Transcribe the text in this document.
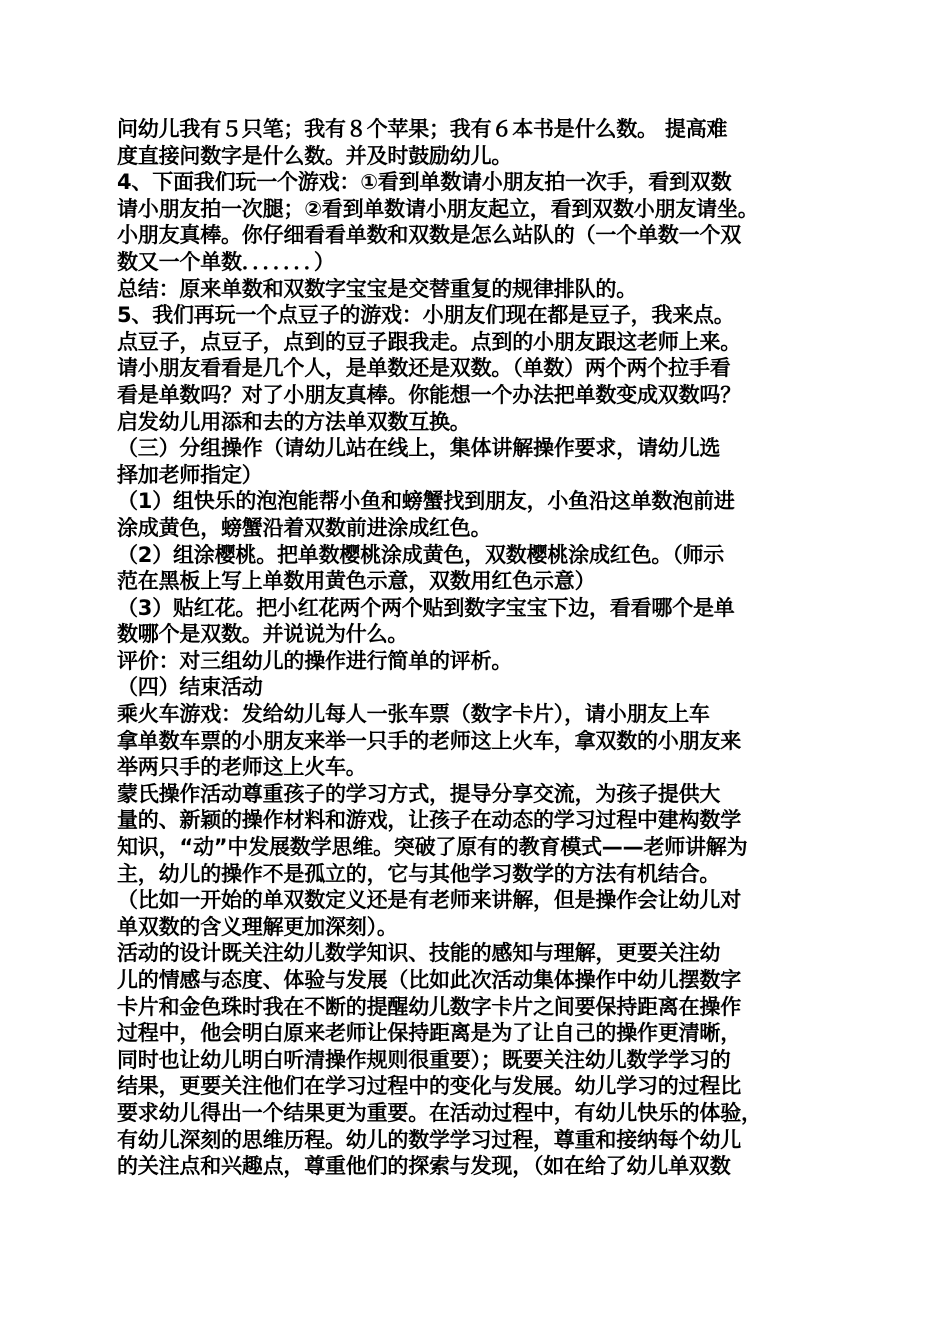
问幼儿我有５只笔；我有８个苹果；我有６本书是什么数。 提高难
度直接问数字是什么数。并及时鼓励幼儿。
4、下面我们玩一个游戏：①看到单数请小朋友拍一次手，看到双数
请小朋友拍一次腿；②看到单数请小朋友起立，看到双数小朋友请坐。
小朋友真棒。你仔细看看单数和双数是怎么站队的（一个单数一个双
数又一个单数．．．．．．．）
总结：原来单数和双数字宝宝是交替重复的规律排队的。
5、我们再玩一个点豆子的游戏：小朋友们现在都是豆子，我来点。
点豆子，点豆子，点到的豆子跟我走。点到的小朋友跟这老师上来。
请小朋友看看是几个人，是单数还是双数。（单数）两个两个拉手看
看是单数吗？对了小朋友真棒。你能想一个办法把单数变成双数吗？
启发幼儿用添和去的方法单双数互换。
（三）分组操作（请幼儿站在线上，集体讲解操作要求，请幼儿选
择加老师指定）
（1）组快乐的泡泡能帮小鱼和螃蟹找到朋友，小鱼沿这单数泡前进
涂成黄色，螃蟹沿着双数前进涂成红色。
（2）组涂樱桃。把单数樱桃涂成黄色，双数樱桃涂成红色。（师示
范在黑板上写上单数用黄色示意，双数用红色示意）
（3）贴红花。把小红花两个两个贴到数字宝宝下边，看看哪个是单
数哪个是双数。并说说为什么。
评价：对三组幼儿的操作进行简单的评析。
（四）结束活动
乘火车游戏：发给幼儿每人一张车票（数字卡片），请小朋友上车
拿单数车票的小朋友来举一只手的老师这上火车，拿双数的小朋友来
举两只手的老师这上火车。
蒙氏操作活动尊重孩子的学习方式，提导分享交流，为孩子提供大
量的、新颖的操作材料和游戏，让孩子在动态的学习过程中建构数学
知识，“动”中发展数学思维。突破了原有的教育模式——老师讲解为
主，幼儿的操作不是孤立的，它与其他学习数学的方法有机结合。
（比如一开始的单双数定义还是有老师来讲解，但是操作会让幼儿对
单双数的含义理解更加深刻）。
活动的设计既关注幼儿数学知识、技能的感知与理解，更要关注幼
儿的情感与态度、体验与发展（比如此次活动集体操作中幼儿摆数字
卡片和金色珠时我在不断的提醒幼儿数字卡片之间要保持距离在操作
过程中，他会明白原来老师让保持距离是为了让自己的操作更清晰，
同时也让幼儿明白听清操作规则很重要）；既要关注幼儿数学学习的
结果，更要关注他们在学习过程中的变化与发展。幼儿学习的过程比
要求幼儿得出一个结果更为重要。在活动过程中，有幼儿快乐的体验，
有幼儿深刻的思维历程。幼儿的数学学习过程，尊重和接纳每个幼儿
的关注点和兴趣点，尊重他们的探索与发现，（如在给了幼儿单双数
